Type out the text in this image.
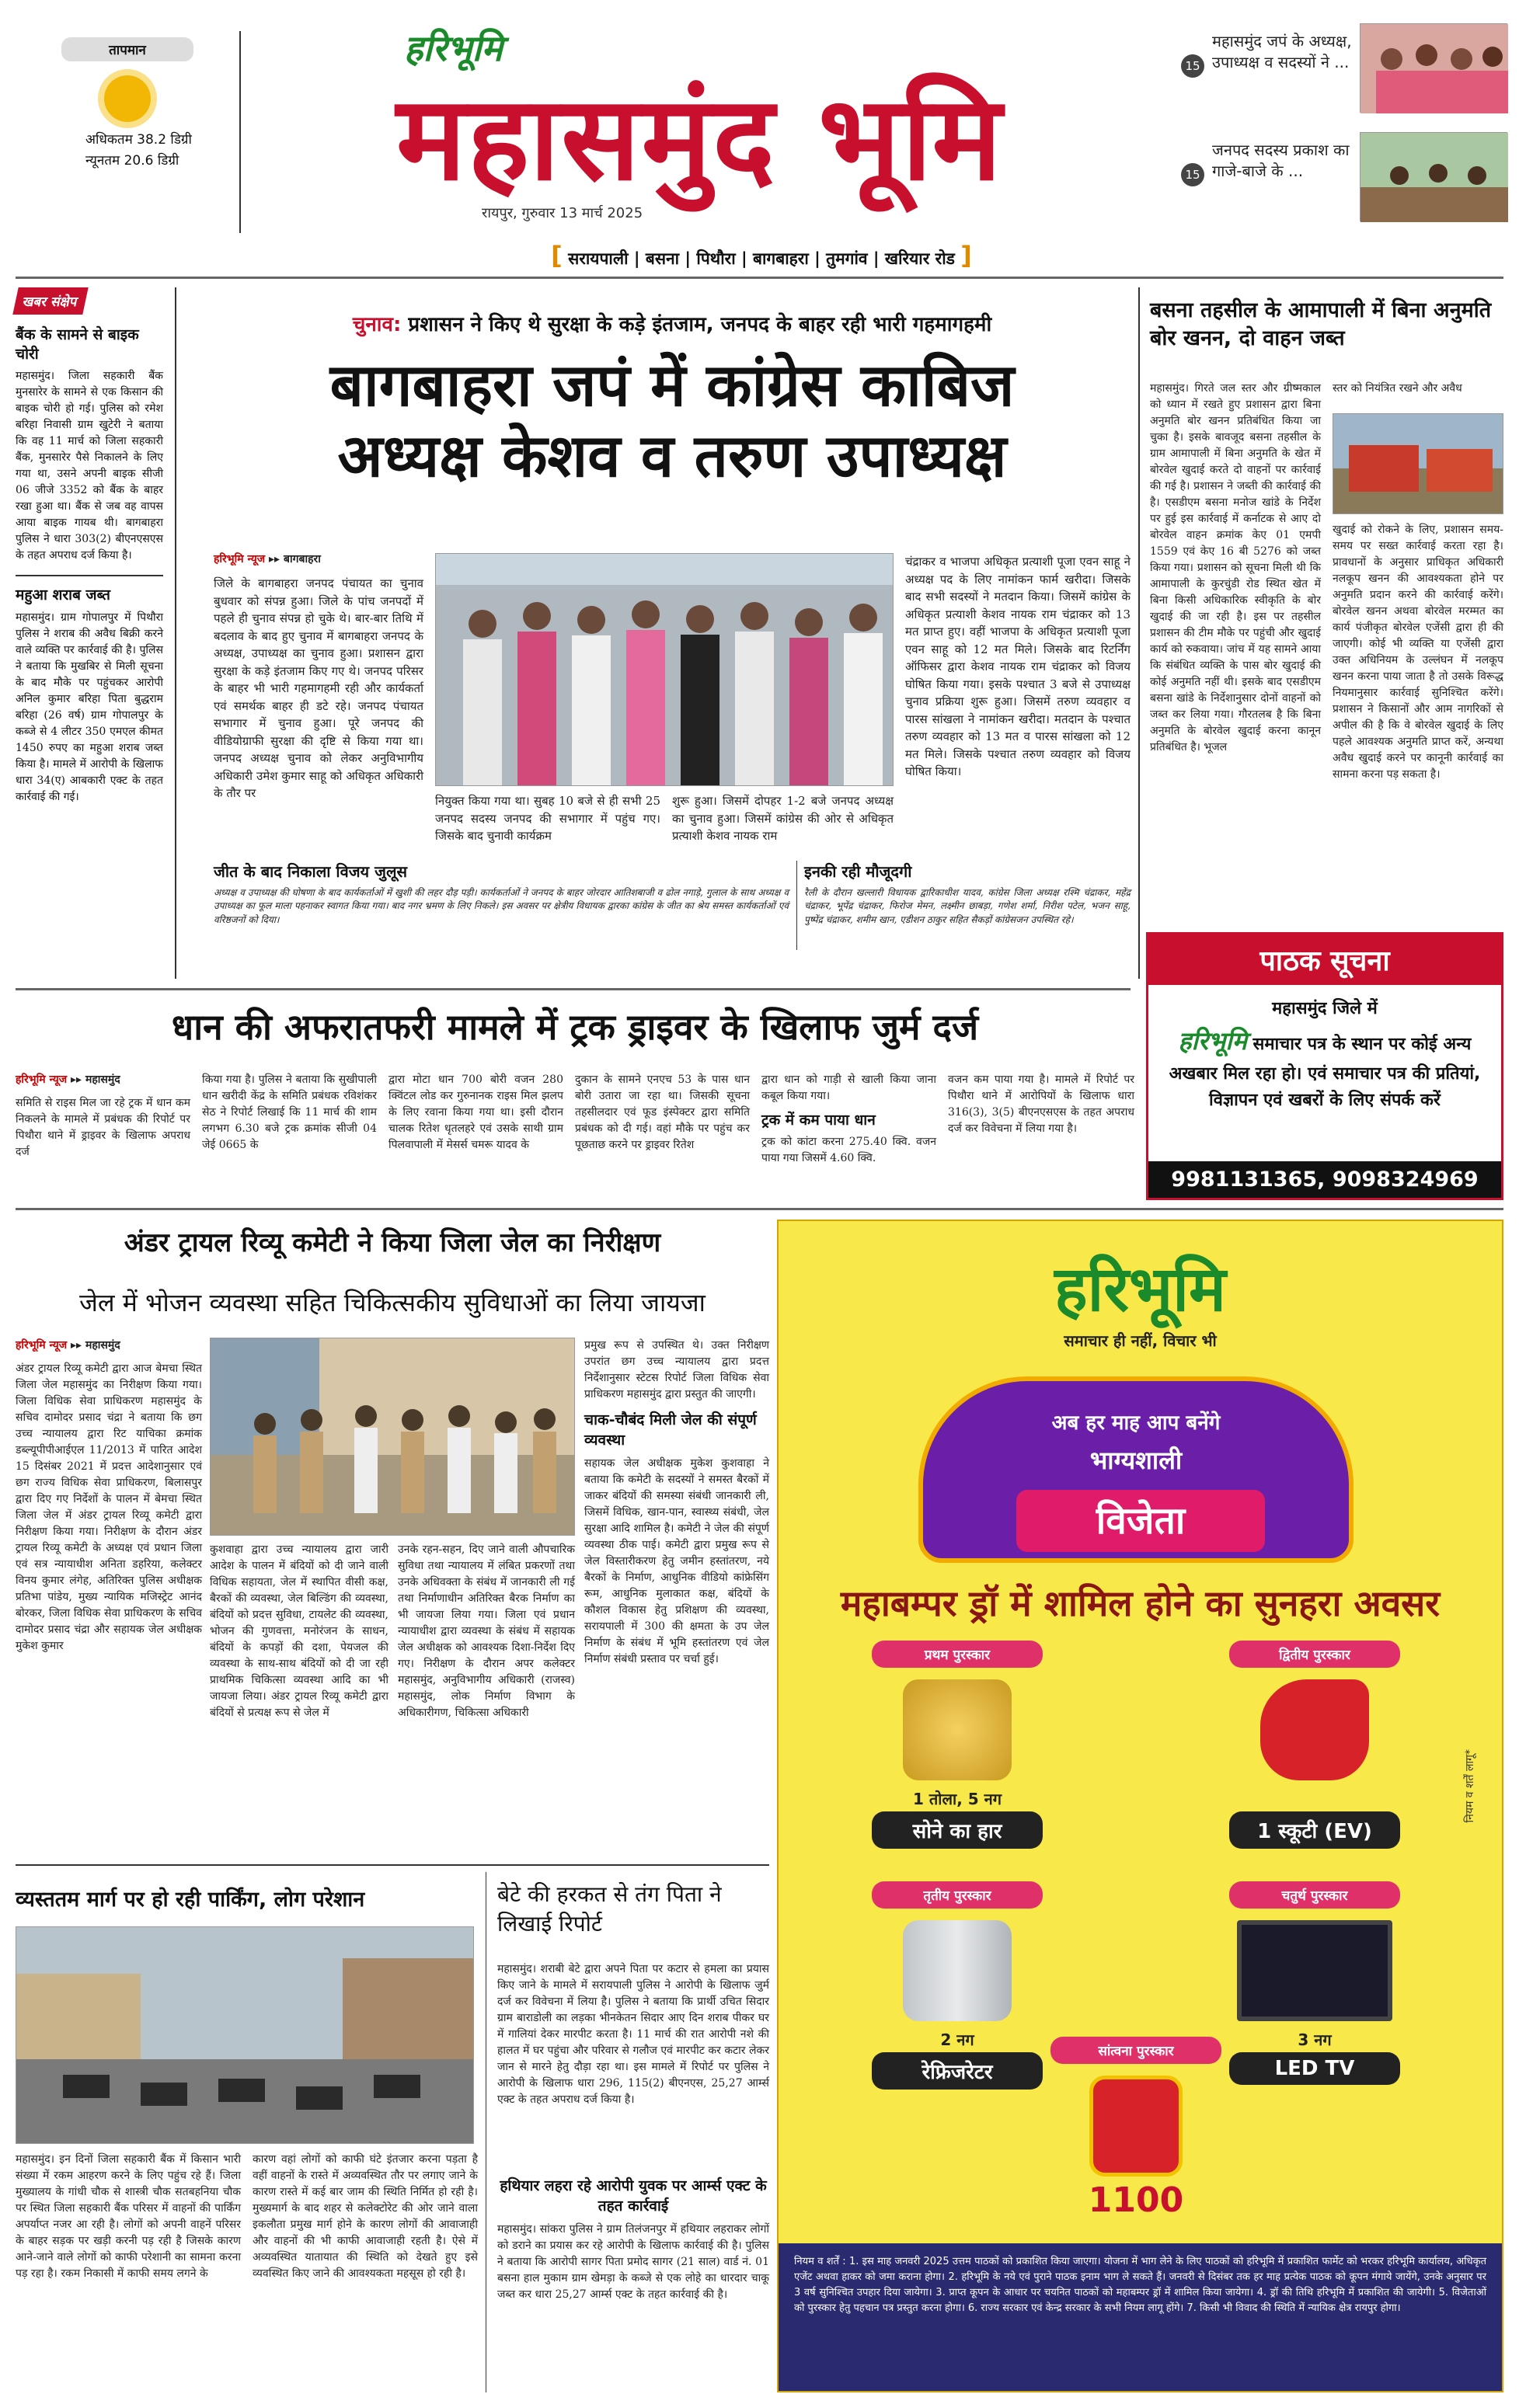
तापमान
अधिकतम 38.2 डिग्री
न्यूनतम 20.6 डिग्री
हरिभूमि
महासमुंद भूमि
रायपुर, गुरुवार 13 मार्च 2025
15
महासमुंद जपं के अध्यक्ष, उपाध्यक्ष व सदस्यों ने ...
15
जनपद सदस्य प्रकाश का गाजे-बाजे के ...
[ सरायपाली | बसना | पिथौरा | बागबाहरा | तुमगांव | खरियार रोड ]
खबर संक्षेप
बैंक के सामने से बाइक चोरी
महासमुंद। जिला सहकारी बैंक मुनसारेर के सामने से एक किसान की बाइक चोरी हो गई। पुलिस को रमेश बरिहा निवासी ग्राम खुटेरी ने बताया कि वह 11 मार्च को जिला सहकारी बैंक, मुनसारेर पैसे निकालने के लिए गया था, उसने अपनी बाइक सीजी 06 जीजे 3352 को बैंक के बाहर रखा हुआ था। बैंक से जब वह वापस आया बाइक गायब थी। बागबाहरा पुलिस ने धारा 303(2) बीएनएसएस के तहत अपराध दर्ज किया है।
महुआ शराब जब्त
महासमुंद। ग्राम गोपालपुर में पिथौरा पुलिस ने शराब की अवैध बिक्री करने वाले व्यक्ति पर कार्रवाई की है। पुलिस ने बताया कि मुखबिर से मिली सूचना के बाद मौके पर पहुंचकर आरोपी अनिल कुमार बरिहा पिता बुद्धराम बरिहा (26 वर्ष) ग्राम गोपालपुर के कब्जे से 4 लीटर 350 एमएल कीमत 1450 रुपए का महुआ शराब जब्त किया है। मामले में आरोपी के खिलाफ धारा 34(ए) आबकारी एक्ट के तहत कार्रवाई की गई।
चुनाव: प्रशासन ने किए थे सुरक्षा के कड़े इंतजाम, जनपद के बाहर रही भारी गहमागहमी
बागबाहरा जपं में कांग्रेस काबिज
अध्यक्ष केशव व तरुण उपाध्यक्ष
हरिभूमि न्यूज ▸▸ बागबाहरा
जिले के बागबाहरा जनपद पंचायत का चुनाव बुधवार को संपन्न हुआ। जिले के पांच जनपदों में पहले ही चुनाव संपन्न हो चुके थे। बार-बार तिथि में बदलाव के बाद हुए चुनाव में बागबाहरा जनपद के अध्यक्ष, उपाध्यक्ष का चुनाव हुआ। प्रशासन द्वारा सुरक्षा के कड़े इंतजाम किए गए थे। जनपद परिसर के बाहर भी भारी गहमागहमी रही और कार्यकर्ता एवं समर्थक बाहर ही डटे रहे। जनपद पंचायत सभागार में चुनाव हुआ। पूरे जनपद की वीडियोग्राफी सुरक्षा की दृष्टि से किया गया था। जनपद अध्यक्ष चुनाव को लेकर अनुविभागीय अधिकारी उमेश कुमार साहू को अधिकृत अधिकारी के तौर पर
नियुक्त किया गया था। सुबह 10 बजे से ही सभी 25 जनपद सदस्य जनपद की सभागार में पहुंच गए। जिसके बाद चुनावी कार्यक्रम
शुरू हुआ। जिसमें दोपहर 1-2 बजे जनपद अध्यक्ष का चुनाव हुआ। जिसमें कांग्रेस की ओर से अधिकृत प्रत्याशी केशव नायक राम
चंद्राकर व भाजपा अधिकृत प्रत्याशी पूजा एवन साहू ने अध्यक्ष पद के लिए नामांकन फार्म खरीदा। जिसके बाद सभी सदस्यों ने मतदान किया। जिसमें कांग्रेस के अधिकृत प्रत्याशी केशव नायक राम चंद्राकर को 13 मत प्राप्त हुए। वहीं भाजपा के अधिकृत प्रत्याशी पूजा एवन साहू को 12 मत मिले। जिसके बाद रिटर्निंग ऑफिसर द्वारा केशव नायक राम चंद्राकर को विजय घोषित किया गया। इसके पश्चात 3 बजे से उपाध्यक्ष चुनाव प्रक्रिया शुरू हुआ। जिसमें तरुण व्यवहार व पारस सांखला ने नामांकन खरीदा। मतदान के पश्चात तरुण व्यवहार को 13 मत व पारस सांखला को 12 मत मिले। जिसके पश्चात तरुण व्यवहार को विजय घोषित किया।
जीत के बाद निकाला विजय जुलूस
अध्यक्ष व उपाध्यक्ष की घोषणा के बाद कार्यकर्ताओं में खुशी की लहर दौड़ पड़ी। कार्यकर्ताओं ने जनपद के बाहर जोरदार आतिशबाजी व ढोल नगाड़े, गुलाल के साथ अध्यक्ष व उपाध्यक्ष का फूल माला पहनाकर स्वागत किया गया। बाद नगर भ्रमण के लिए निकले। इस अवसर पर क्षेत्रीय विधायक द्वारका कांग्रेस के जीत का श्रेय समस्त कार्यकर्ताओं एवं वरिष्ठजनों को दिया।
इनकी रही मौजूदगी
रैली के दौरान खल्लारी विधायक द्वारिकाधीश यादव, कांग्रेस जिला अध्यक्ष रश्मि चंद्राकर, महेंद्र चंद्राकर, भूपेंद्र चंद्राकर, फिरोज मेमन, लक्ष्मीन छाबड़ा, गणेश शर्मा, निरीश पटेल, भजन साहू, पुष्पेंद्र चंद्राकर, शमीम खान, एडीशन ठाकुर सहित सैकड़ों कांग्रेसजन उपस्थित रहे।
बसना तहसील के आमापाली में बिना अनुमति बोर खनन, दो वाहन जब्त
महासमुंद। गिरते जल स्तर और ग्रीष्मकाल को ध्यान में रखते हुए प्रशासन द्वारा बिना अनुमति बोर खनन प्रतिबंधित किया जा चुका है। इसके बावजूद बसना तहसील के ग्राम आमापाली में बिना अनुमति के खेत में बोरवेल खुदाई करते दो वाहनों पर कार्रवाई की गई है। प्रशासन ने जब्ती की कार्रवाई की है। एसडीएम बसना मनोज खांडे के निर्देश पर हुई इस कार्रवाई में कर्नाटक से आए दो बोरवेल वाहन क्रमांक केए 01 एमपी 1559 एवं केए 16 बी 5276 को जब्त किया गया। प्रशासन को सूचना मिली थी कि आमापाली के कुरचुंडी रोड स्थित खेत में बिना किसी अधिकारिक स्वीकृति के बोर खुदाई की जा रही है। इस पर तहसील प्रशासन की टीम मौके पर पहुंची और खुदाई कार्य को रुकवाया। जांच में यह सामने आया कि संबंधित व्यक्ति के पास बोर खुदाई की कोई अनुमति नहीं थी। इसके बाद एसडीएम बसना खांडे के निर्देशानुसार दोनों वाहनों को जब्त कर लिया गया। गौरतलब है कि बिना अनुमति के बोरवेल खुदाई करना कानून प्रतिबंधित है। भूजल
स्तर को नियंत्रित रखने और अवैध
खुदाई को रोकने के लिए, प्रशासन समय-समय पर सख्त कार्रवाई करता रहा है। प्रावधानों के अनुसार प्राधिकृत अधिकारी नलकूप खनन की आवश्यकता होने पर अनुमति प्रदान करने की कार्रवाई करेंगे। बोरवेल खनन अथवा बोरवेल मरम्मत का कार्य पंजीकृत बोरवेल एजेंसी द्वारा ही की जाएगी। कोई भी व्यक्ति या एजेंसी द्वारा उक्त अधिनियम के उल्लंघन में नलकूप खनन करना पाया जाता है तो उसके विरूद्ध नियमानुसार कार्रवाई सुनिश्चित करेंगे। प्रशासन ने किसानों और आम नागरिकों से अपील की है कि वे बोरवेल खुदाई के लिए पहले आवश्यक अनुमति प्राप्त करें, अन्यथा अवैध खुदाई करने पर कानूनी कार्रवाई का सामना करना पड़ सकता है।
पाठक सूचना
महासमुंद जिले में
हरिभूमि समाचार पत्र के स्थान पर कोई अन्य अखबार मिल रहा हो। एवं समाचार पत्र की प्रतियां, विज्ञापन एवं खबरों के लिए संपर्क करें
9981131365, 9098324969
धान की अफरातफरी मामले में ट्रक ड्राइवर के खिलाफ जुर्म दर्ज
हरिभूमि न्यूज ▸▸ महासमुंद
समिति से राइस मिल जा रहे ट्रक में धान कम निकलने के मामले में प्रबंधक की रिपोर्ट पर पिथौरा थाने में ड्राइवर के खिलाफ अपराध दर्ज
किया गया है। पुलिस ने बताया कि सुखीपाली धान खरीदी केंद्र के समिति प्रबंधक रविशंकर सेठ ने रिपोर्ट लिखाई कि 11 मार्च की शाम लगभग 6.30 बजे ट्रक क्रमांक सीजी 04 जेई 0665 के
द्वारा मोटा धान 700 बोरी वजन 280 क्विंटल लोड कर गुरुनानक राइस मिल झलप के लिए रवाना किया गया था। इसी दौरान चालक रितेश धृतलहरे एवं उसके साथी ग्राम पिलवापाली में मेसर्स चमरू यादव के
दुकान के सामने एनएच 53 के पास धान बोरी उतारा जा रहा था। जिसकी सूचना तहसीलदार एवं फूड इंस्पेक्टर द्वारा समिति प्रबंधक को दी गई। वहां मौके पर पहुंच कर पूछताछ करने पर ड्राइवर रितेश
द्वारा धान को गाड़ी से खाली किया जाना कबूल किया गया।
ट्रक में कम पाया धान
ट्रक को कांटा करना 275.40 क्वि. वजन पाया गया जिसमें 4.60 क्वि.
वजन कम पाया गया है। मामले में रिपोर्ट पर पिथौरा थाने में आरोपियों के खिलाफ धारा 316(3), 3(5) बीएनएसएस के तहत अपराध दर्ज कर विवेचना में लिया गया है।
अंडर ट्रायल रिव्यू कमेटी ने किया जिला जेल का निरीक्षण
जेल में भोजन व्यवस्था सहित चिकित्सकीय सुविधाओं का लिया जायजा
हरिभूमि न्यूज ▸▸ महासमुंद
अंडर ट्रायल रिव्यू कमेटी द्वारा आज बेमचा स्थित जिला जेल महासमुंद का निरीक्षण किया गया। जिला विधिक सेवा प्राधिकरण महासमुंद के सचिव दामोदर प्रसाद चंद्रा ने बताया कि छग उच्च न्यायालय द्वारा रिट याचिका क्रमांक डब्ल्यूपीपीआईएल 11/2013 में पारित आदेश 15 दिसंबर 2021 में प्रदत्त आदेशानुसार एवं छग राज्य विधिक सेवा प्राधिकरण, बिलासपुर द्वारा दिए गए निर्देशों के पालन में बेमचा स्थित जिला जेल में अंडर ट्रायल रिव्यू कमेटी द्वारा निरीक्षण किया गया। निरीक्षण के दौरान अंडर ट्रायल रिव्यू कमेटी के अध्यक्ष एवं प्रधान जिला एवं सत्र न्यायाधीश अनिता डहरिया, कलेक्टर विनय कुमार लंगेह, अतिरिक्त पुलिस अधीक्षक प्रतिभा पांडेय, मुख्य न्यायिक मजिस्ट्रेट आनंद बोरकर, जिला विधिक सेवा प्राधिकरण के सचिव दामोदर प्रसाद चंद्रा और सहायक जेल अधीक्षक मुकेश कुमार
कुशवाहा द्वारा उच्च न्यायालय द्वारा जारी आदेश के पालन में बंदियों को दी जाने वाली विधिक सहायता, जेल में स्थापित वीसी कक्ष, बैरकों की व्यवस्था, जेल बिल्डिंग की व्यवस्था, बंदियों को प्रदत्त सुविधा, टायलेट की व्यवस्था, भोजन की गुणवत्ता, मनोरंजन के साधन, बंदियों के कपड़ों की दशा, पेयजल की व्यवस्था के साथ-साथ बंदियों को दी जा रही प्राथमिक चिकित्सा व्यवस्था आदि का भी जायजा लिया। अंडर ट्रायल रिव्यू कमेटी द्वारा बंदियों से प्रत्यक्ष रूप से जेल में
उनके रहन-सहन, दिए जाने वाली औपचारिक सुविधा तथा न्यायालय में लंबित प्रकरणों तथा उनके अधिवक्ता के संबंध में जानकारी ली गई तथा निर्माणाधीन अतिरिक्त बैरक निर्माण का भी जायजा लिया गया। जिला एवं प्रधान न्यायाधीश द्वारा व्यवस्था के संबंध में सहायक जेल अधीक्षक को आवश्यक दिशा-निर्देश दिए गए। निरीक्षण के दौरान अपर कलेक्टर महासमुंद, अनुविभागीय अधिकारी (राजस्व) महासमुंद, लोक निर्माण विभाग के अधिकारीगण, चिकित्सा अधिकारी
प्रमुख रूप से उपस्थित थे। उक्त निरीक्षण उपरांत छग उच्च न्यायालय द्वारा प्रदत्त निर्देशानुसार स्टेटस रिपोर्ट जिला विधिक सेवा प्राधिकरण महासमुंद द्वारा प्रस्तुत की जाएगी।
चाक-चौबंद मिली जेल की संपूर्ण व्यवस्था
सहायक जेल अधीक्षक मुकेश कुशवाहा ने बताया कि कमेटी के सदस्यों ने समस्त बैरकों में जाकर बंदियों की समस्या संबंधी जानकारी ली, जिसमें विधिक, खान-पान, स्वास्थ्य संबंधी, जेल सुरक्षा आदि शामिल है। कमेटी ने जेल की संपूर्ण व्यवस्था ठीक पाई। कमेटी द्वारा प्रमुख रूप से जेल विस्तारीकरण हेतु जमीन हस्तांतरण, नये बैरकों के निर्माण, आधुनिक वीडियो कांफ्रेसिंग रूम, आधुनिक मुलाकात कक्ष, बंदियों के कौशल विकास हेतु प्रशिक्षण की व्यवस्था, सरायपाली में 300 की क्षमता के उप जेल निर्माण के संबंध में भूमि हस्तांतरण एवं जेल निर्माण संबंधी प्रस्ताव पर चर्चा हुई।
व्यस्ततम मार्ग पर हो रही पार्किंग, लोग परेशान
महासमुंद। इन दिनों जिला सहकारी बैंक में किसान भारी संख्या में रकम आहरण करने के लिए पहुंच रहे हैं। जिला मुख्यालय के गांधी चौक से शास्त्री चौक सतबहनिया चौक पर स्थित जिला सहकारी बैंक परिसर में वाहनों की पार्किंग अपर्याप्त नजर आ रही है। लोगों को अपनी वाहनें परिसर के बाहर सड़क पर खड़ी करनी पड़ रही है जिसके कारण आने-जाने वाले लोगों को काफी परेशानी का सामना करना पड़ रहा है। रकम निकासी में काफी समय लगने के
कारण वहां लोगों को काफी घंटे इंतजार करना पड़ता है वहीं वाहनों के रास्ते में अव्यवस्थित तौर पर लगाए जाने के कारण रास्ते में कई बार जाम की स्थिति निर्मित हो रही है। मुख्यमार्ग के बाद शहर से कलेक्टोरेट की ओर जाने वाला इकलौता प्रमुख मार्ग होने के कारण लोगों की आवाजाही और वाहनों की भी काफी आवाजाही रहती है। ऐसे में अव्यवस्थित यातायात की स्थिति को देखते हुए इसे व्यवस्थित किए जाने की आवश्यकता महसूस हो रही है।
बेटे की हरकत से तंग पिता ने लिखाई रिपोर्ट
महासमुंद। शराबी बेटे द्वारा अपने पिता पर कटार से हमला का प्रयास किए जाने के मामले में सरायपाली पुलिस ने आरोपी के खिलाफ जुर्म दर्ज कर विवेचना में लिया है। पुलिस ने बताया कि प्रार्थी उचित सिदार ग्राम बाराडोली का लड़का भीनकेतन सिदार आए दिन शराब पीकर घर में गालियां देकर मारपीट करता है। 11 मार्च की रात आरोपी नशे की हालत में घर पहुंचा और परिवार से गलौज एवं मारपीट कर कटार लेकर जान से मारने हेतु दौड़ा रहा था। इस मामले में रिपोर्ट पर पुलिस ने आरोपी के खिलाफ धारा 296, 115(2) बीएनएस, 25,27 आर्म्स एक्ट के तहत अपराध दर्ज किया है।
हथियार लहरा रहे आरोपी युवक पर आर्म्स एक्ट के तहत कार्रवाई
महासमुंद। सांकरा पुलिस ने ग्राम तिलंजनपुर में हथियार लहराकर लोगों को डराने का प्रयास कर रहे आरोपी के खिलाफ कार्रवाई की है। पुलिस ने बताया कि आरोपी सागर पिता प्रमोद सागर (21 साल) वार्ड नं. 01 बसना हाल मुकाम ग्राम खेमड़ा के कब्जे से एक लोहे का धारदार चाकू जब्त कर धारा 25,27 आर्म्स एक्ट के तहत कार्रवाई की है।
हरिभूमि
समाचार ही नहीं, विचार भी
अब हर माह आप बनेंगे
भाग्यशाली
विजेता
महाबम्पर ड्रॉ में शामिल होने का सुनहरा अवसर
प्रथम पुरस्कार
1 तोला, 5 नग
सोने का हार
द्वितीय पुरस्कार
1 स्कूटी (EV)
तृतीय पुरस्कार
2 नग
रेफ्रिजरेटर
चतुर्थ पुरस्कार
3 नग
LED TV
सांत्वना पुरस्कार
1100
नियम व शर्तें लागू*
नियम व शर्तें : 1. इस माह जनवरी 2025 उत्तम पाठकों को प्रकाशित किया जाएगा। योजना में भाग लेने के लिए पाठकों को हरिभूमि में प्रकाशित फार्मेट को भरकर हरिभूमि कार्यालय, अधिकृत एजेंट अथवा हाकर को जमा कराना होगा। 2. हरिभूमि के नये एवं पुराने पाठक इनाम भाग ले सकते हैं। जनवरी से दिसंबर तक हर माह प्रत्येक पाठक को कूपन मंगाये जायेंगे, उनके अनुसार पर 3 वर्ष सुनिश्चित उपहार दिया जायेगा। 3. प्राप्त कूपन के आधार पर चयनित पाठकों को महाबम्पर ड्रॉ में शामिल किया जायेगा। 4. ड्रॉ की तिथि हरिभूमि में प्रकाशित की जायेगी। 5. विजेताओं को पुरस्कार हेतु पहचान पत्र प्रस्तुत करना होगा। 6. राज्य सरकार एवं केन्द्र सरकार के सभी नियम लागू होंगे। 7. किसी भी विवाद की स्थिति में न्यायिक क्षेत्र रायपुर होगा।
